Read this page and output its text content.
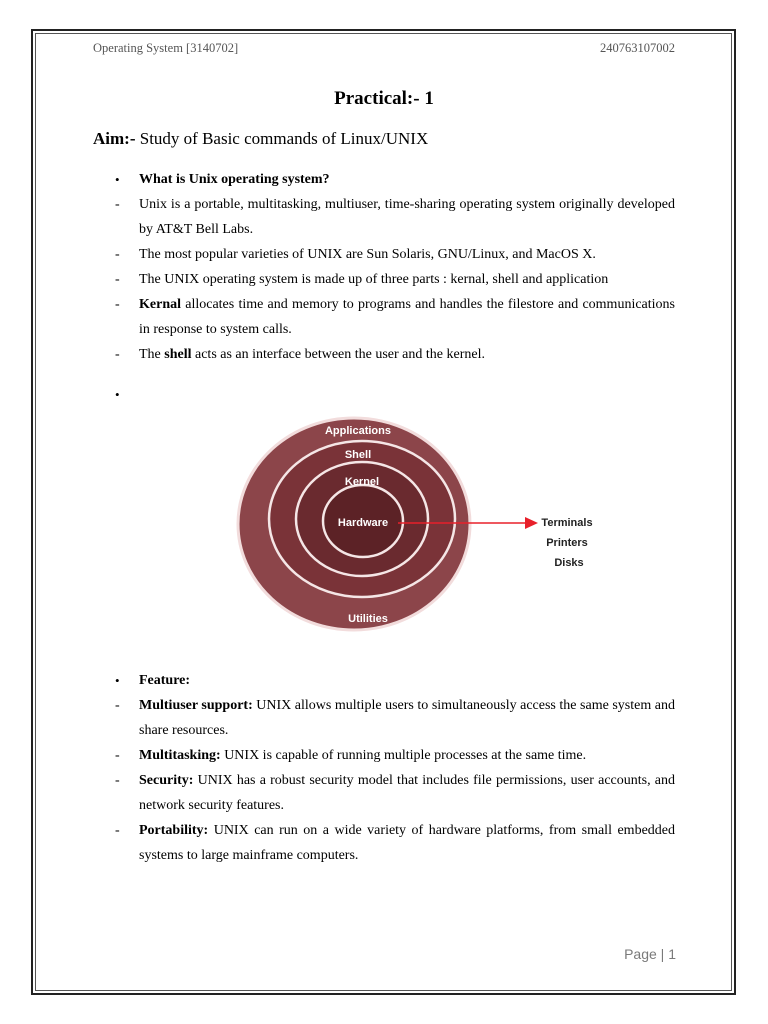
Operating System [3140702]	240763107002
Practical:- 1
Aim:- Study of Basic commands of Linux/UNIX
• What is Unix operating system?
- Unix is a portable, multitasking, multiuser, time-sharing operating system originally developed by AT&T Bell Labs.
- The most popular varieties of UNIX are Sun Solaris, GNU/Linux, and MacOS X.
- The UNIX operating system is made up of three parts : kernal, shell and application
- Kernal allocates time and memory to programs and handles the filestore and communications in response to system calls.
- The shell acts as an interface between the user and the kernel.
•
Applications
Shell
Kernel
Hardware
Utilities
Terminals
Printers
Disks
• Feature:
- Multiuser support: UNIX allows multiple users to simultaneously access the same system and share resources.
- Multitasking: UNIX is capable of running multiple processes at the same time.
- Security: UNIX has a robust security model that includes file permissions, user accounts, and network security features.
- Portability: UNIX can run on a wide variety of hardware platforms, from small embedded systems to large mainframe computers.
Page | 1
